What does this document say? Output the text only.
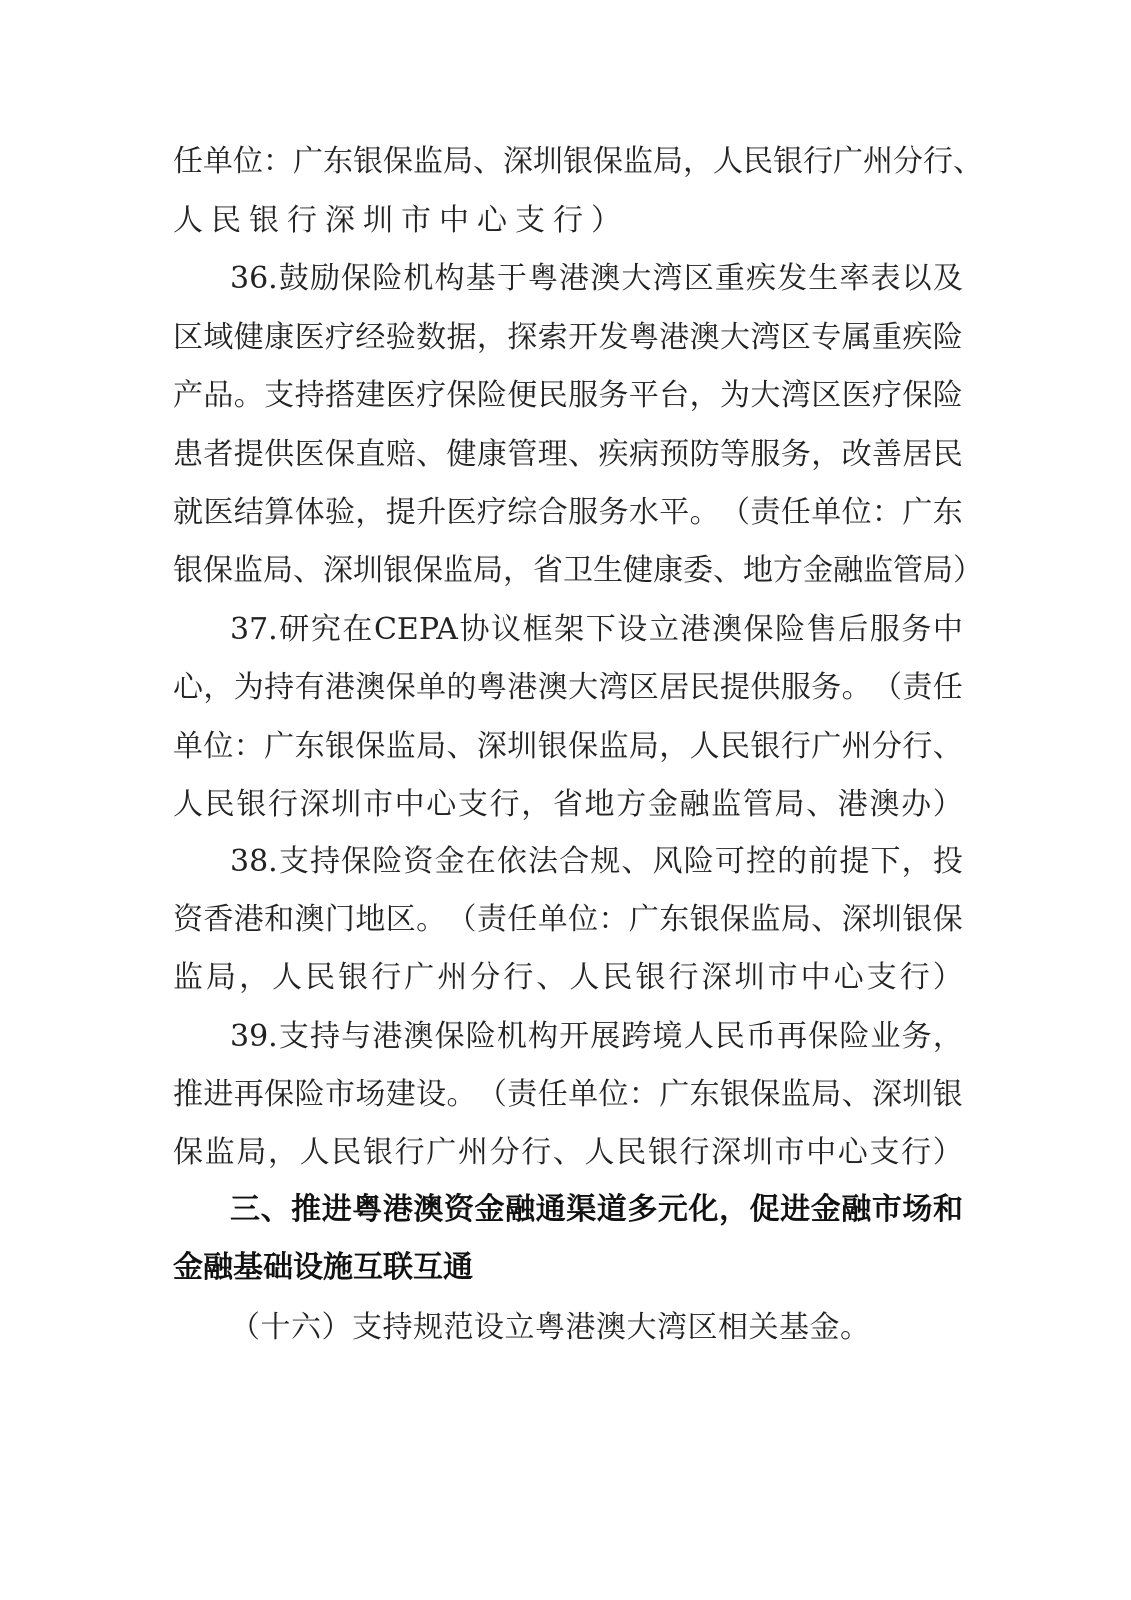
任 单 位 ： 广 东 银 保 监 局 、 深 圳 银 保 监 局 ， 人 民 银 行 广 州 分 行 、
人民银行深圳市中心支行）
36. 鼓 励 保 险 机 构 基 于 粤 港 澳 大 湾 区 重 疾 发 生 率 表 以 及
区 域 健 康 医 疗 经 验 数 据 ， 探 索 开 发 粤 港 澳 大 湾 区 专 属 重 疾 险
产 品 。 支 持 搭 建 医 疗 保 险 便 民 服 务 平 台 ， 为 大 湾 区 医 疗 保 险
患 者 提 供 医 保 直 赔 、 健 康 管 理 、 疾 病 预 防 等 服 务 ， 改 善 居 民
就 医 结 算 体 验 ， 提 升 医 疗 综 合 服 务 水 平 。 （ 责 任 单 位 ： 广 东
银 保 监 局 、 深 圳 银 保 监 局 ， 省 卫 生 健 康 委 、 地 方 金 融 监 管 局 ）
37. 研 究 在 CEPA 协 议 框 架 下 设 立 港 澳 保 险 售 后 服 务 中
心 ， 为 持 有 港 澳 保 单 的 粤 港 澳 大 湾 区 居 民 提 供 服 务 。 （ 责 任
单 位 ： 广 东 银 保 监 局 、 深 圳 银 保 监 局 ， 人 民 银 行 广 州 分 行 、
人 民 银 行 深 圳 市 中 心 支 行 ， 省 地 方 金 融 监 管 局 、 港 澳 办 ）
38. 支 持 保 险 资 金 在 依 法 合 规 、 风 险 可 控 的 前 提 下 ， 投
资 香 港 和 澳 门 地 区 。 （ 责 任 单 位 ： 广 东 银 保 监 局 、 深 圳 银 保
监 局 ， 人 民 银 行 广 州 分 行 、 人 民 银 行 深 圳 市 中 心 支 行 ）
39. 支 持 与 港 澳 保 险 机 构 开 展 跨 境 人 民 币 再 保 险 业 务 ，
推 进 再 保 险 市 场 建 设 。 （ 责 任 单 位 ： 广 东 银 保 监 局 、 深 圳 银
保 监 局 ， 人 民 银 行 广 州 分 行 、 人 民 银 行 深 圳 市 中 心 支 行 ）
三 、 推 进 粤 港 澳 资 金 融 通 渠 道 多 元 化 ， 促 进 金 融 市 场 和
金融基础设施互联互通
（ 十 六 ） 支 持 规 范 设 立 粤 港 澳 大 湾 区 相 关 基 金 。
